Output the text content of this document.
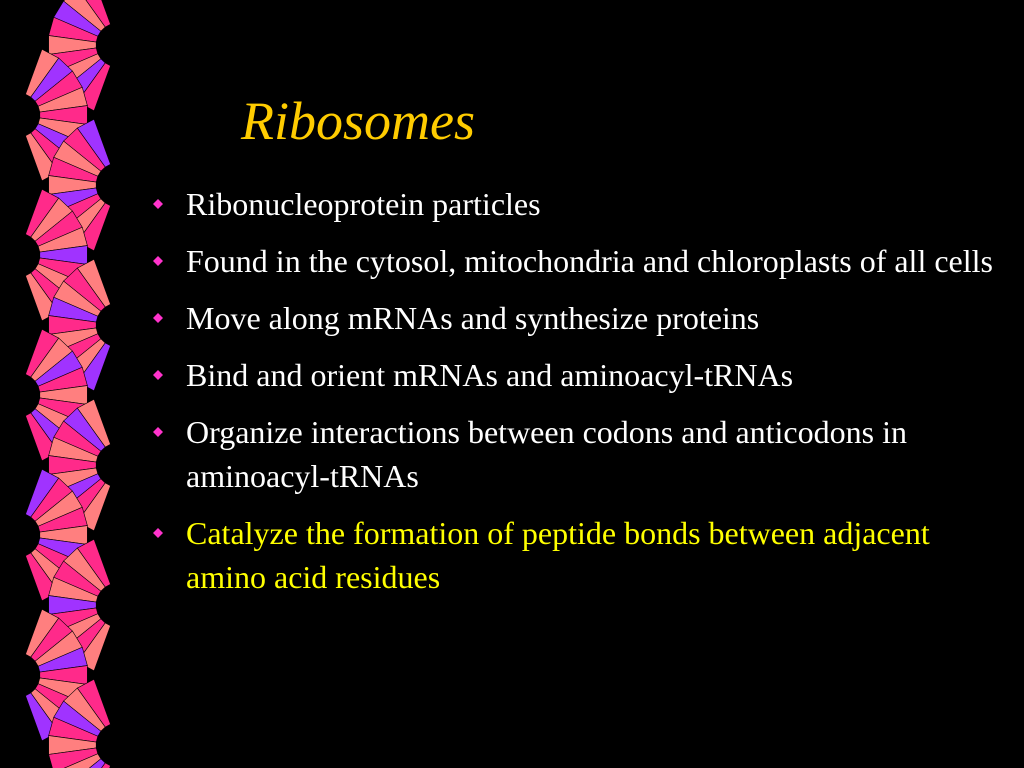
Ribosomes
Ribonucleoprotein particles
Found in the cytosol, mitochondria and chloroplasts of all cells
Move along mRNAs and synthesize proteins
Bind and orient mRNAs and aminoacyl-tRNAs
Organize interactions between codons and anticodons in aminoacyl-tRNAs
Catalyze the formation of peptide bonds between adjacent amino acid residues
